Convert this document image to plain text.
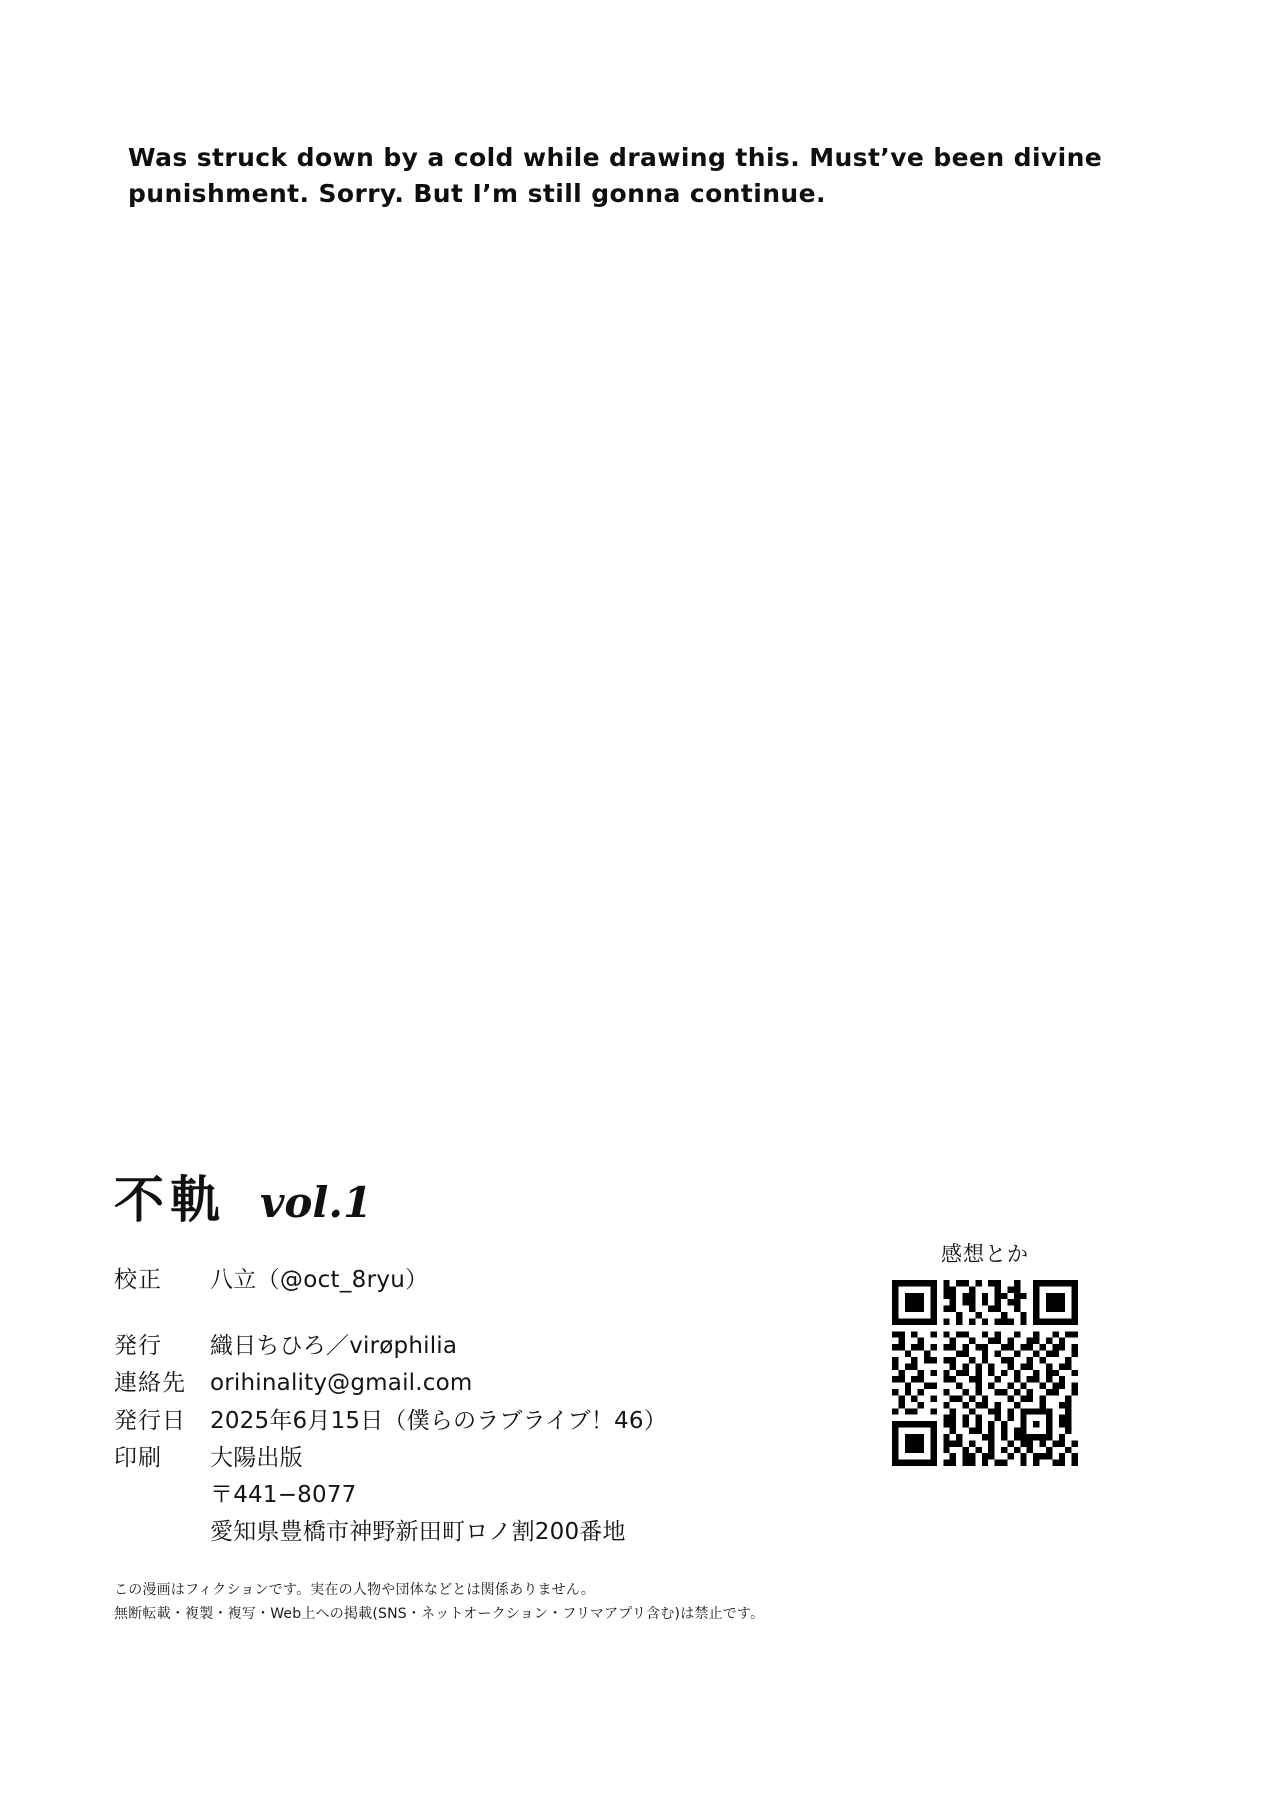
Was struck down by a cold while drawing this. Must’ve been divine
punishment. Sorry. But I’m still gonna continue.
不軌 vol.1
校正	八立（@oct_8ryu）
発行	織日ちひろ／virøphilia
連絡先	orihinality@gmail.com
発行日	2025年6月15日（僕らのラブライブ！46）
印刷	大陽出版
〒441−8077
愛知県豊橋市神野新田町ロノ割200番地
この漫画はフィクションです。実在の人物や団体などとは関係ありません。
無断転載・複製・複写・Web上への掲載(SNS・ネットオークション・フリマアプリ含む)は禁止です。
感想とか
